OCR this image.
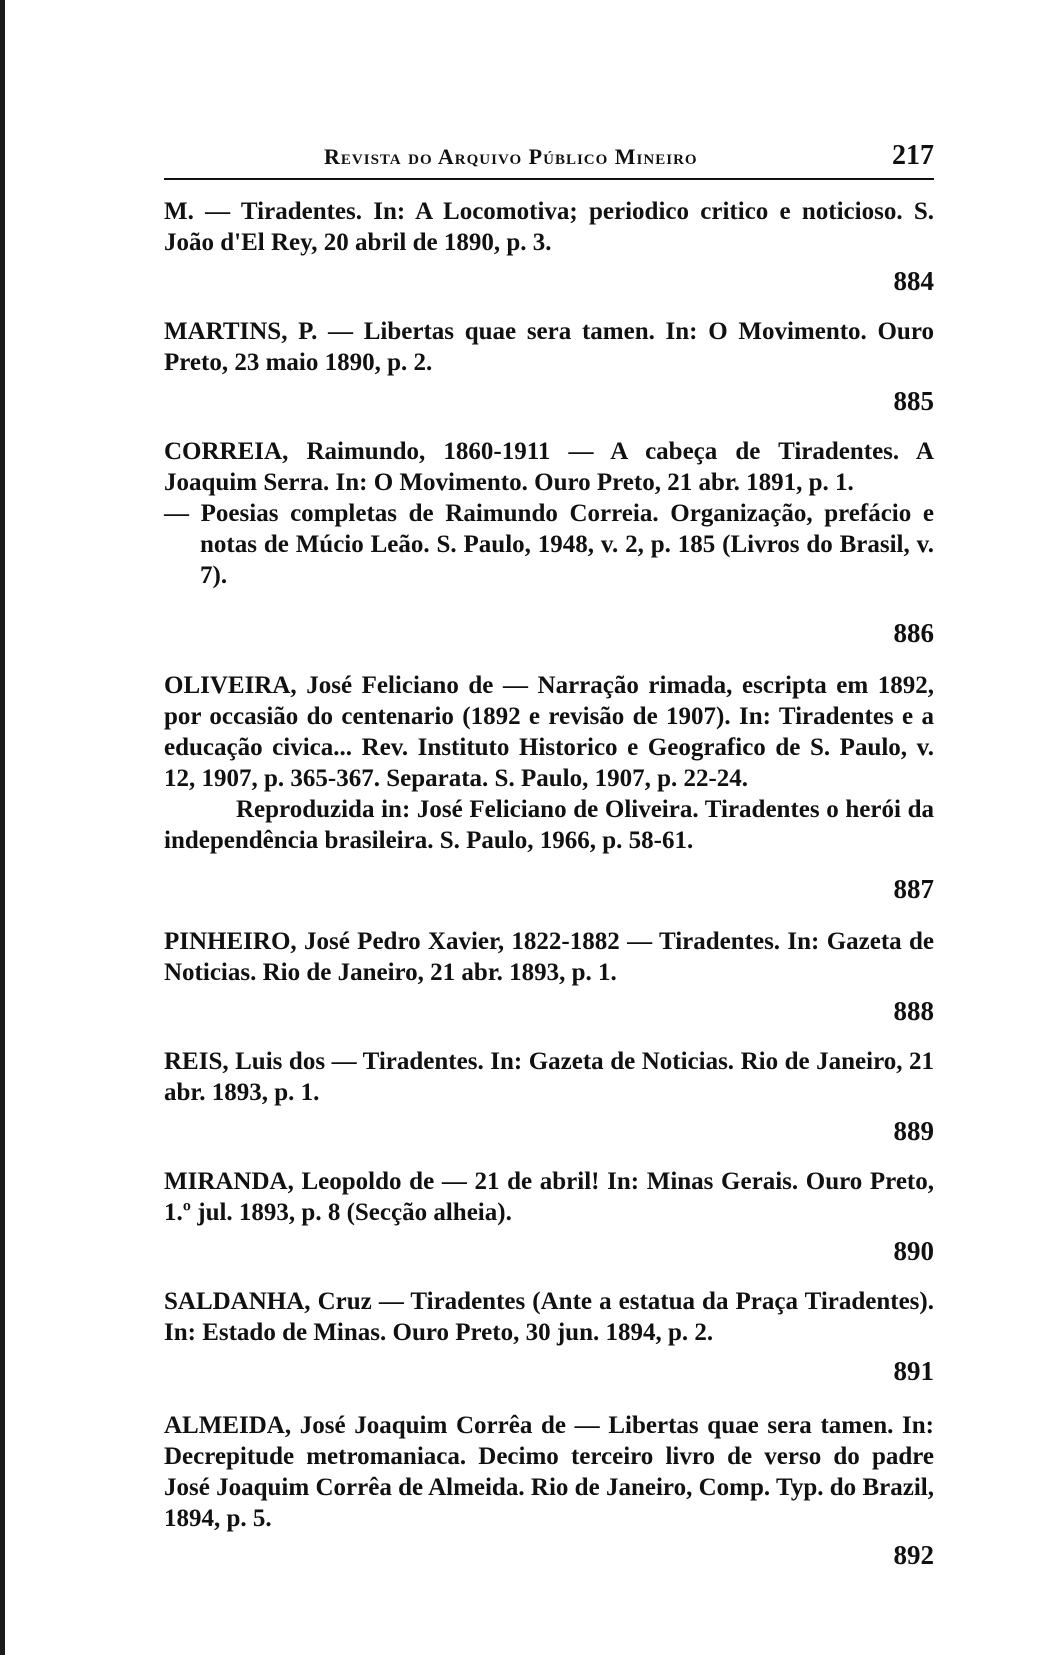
Revista do Arquivo Público Mineiro	217

M. — Tiradentes. In: A Locomotiva; periodico critico e noticioso. S. João d'El Rey, 20 abril de 1890, p. 3.

884

MARTINS, P. — Libertas quae sera tamen. In: O Movimento. Ouro Preto, 23 maio 1890, p. 2.

885

CORREIA, Raimundo, 1860-1911 — A cabeça de Tiradentes. A Joaquim Serra. In: O Movimento. Ouro Preto, 21 abr. 1891, p. 1.

— Poesias completas de Raimundo Correia. Organização, prefácio e notas de Múcio Leão. S. Paulo, 1948, v. 2, p. 185 (Livros do Brasil, v. 7).

886

OLIVEIRA, José Feliciano de — Narração rimada, escripta em 1892, por occasião do centenario (1892 e revisão de 1907). In: Tiradentes e a educação civica... Rev. Instituto Historico e Geografico de S. Paulo, v. 12, 1907, p. 365-367. Separata. S. Paulo, 1907, p. 22-24.

Reproduzida in: José Feliciano de Oliveira. Tiradentes o herói da independência brasileira. S. Paulo, 1966, p. 58-61.

887

PINHEIRO, José Pedro Xavier, 1822-1882 — Tiradentes. In: Gazeta de Noticias. Rio de Janeiro, 21 abr. 1893, p. 1.

888

REIS, Luis dos — Tiradentes. In: Gazeta de Noticias. Rio de Janeiro, 21 abr. 1893, p. 1.

889

MIRANDA, Leopoldo de — 21 de abril! In: Minas Gerais. Ouro Preto, 1.º jul. 1893, p. 8 (Secção alheia).

890

SALDANHA, Cruz — Tiradentes (Ante a estatua da Praça Tiradentes). In: Estado de Minas. Ouro Preto, 30 jun. 1894, p. 2.

891

ALMEIDA, José Joaquim Corrêa de — Libertas quae sera tamen. In: Decrepitude metromaniaca. Decimo terceiro livro de verso do padre José Joaquim Corrêa de Almeida. Rio de Janeiro, Comp. Typ. do Brazil, 1894, p. 5.

892
